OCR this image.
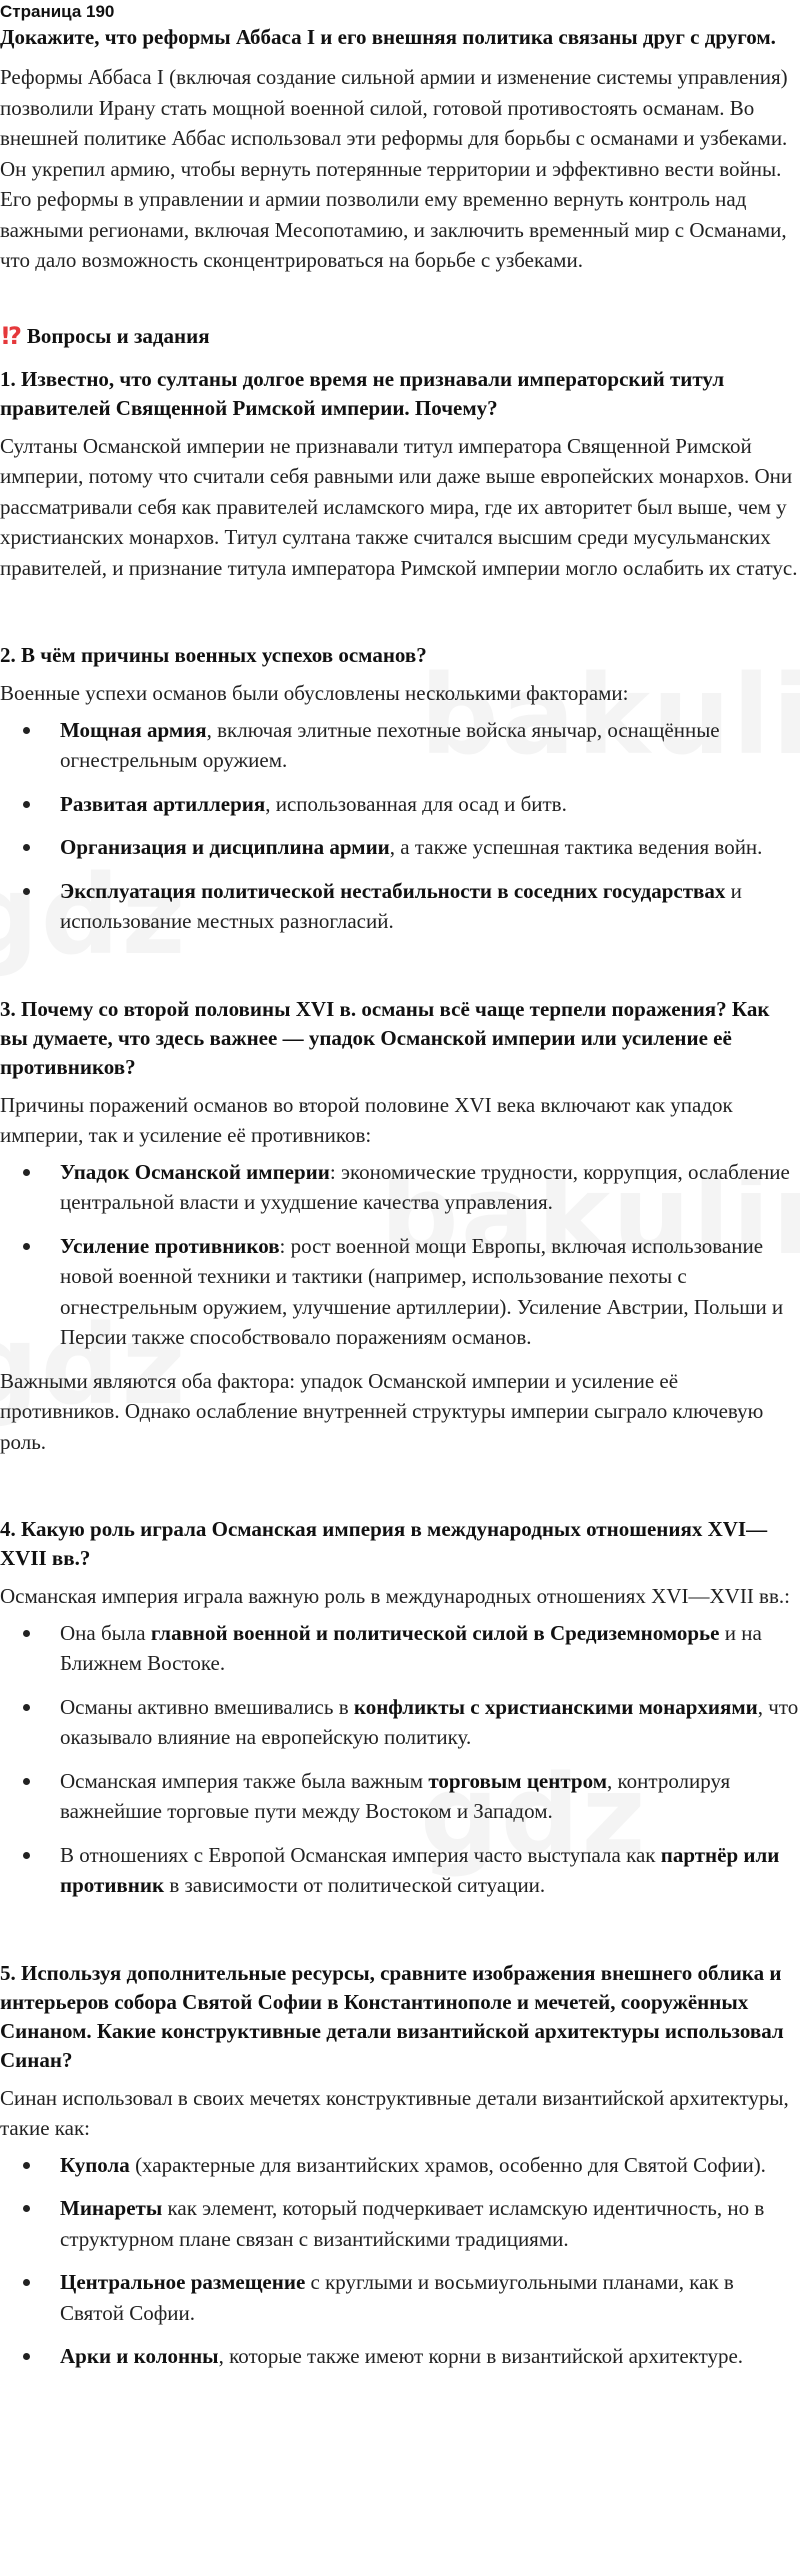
Страница 190
Докажите, что реформы Аббаса I и его внешняя политика связаны друг с другом.

Реформы Аббаса I (включая создание сильной армии и изменение системы управления) позволили Ирану стать мощной военной силой, готовой противостоять османам. Во внешней политике Аббас использовал эти реформы для борьбы с османами и узбеками. Он укрепил армию, чтобы вернуть потерянные территории и эффективно вести войны. Его реформы в управлении и армии позволили ему временно вернуть контроль над важными регионами, включая Месопотамию, и заключить временный мир с Османами, что дало возможность сконцентрироваться на борьбе с узбеками.

!? Вопросы и задания
1. Известно, что султаны долгое время не признавали императорский титул правителей Священной Римской империи. Почему?

Султаны Османской империи не признавали титул императора Священной Римской империи, потому что считали себя равными или даже выше европейских монархов. Они рассматривали себя как правителей исламского мира, где их авторитет был выше, чем у христианских монархов. Титул султана также считался высшим среди мусульманских правителей, и признание титула императора Римской империи могло ослабить их статус.

2. В чём причины военных успехов османов?

Военные успехи османов были обусловлены несколькими факторами:

Мощная армия, включая элитные пехотные войска янычар, оснащённые огнестрельным оружием.
Развитая артиллерия, использованная для осад и битв.
Организация и дисциплина армии, а также успешная тактика ведения войн.
Эксплуатация политической нестабильности в соседних государствах и использование местных разногласий.
3. Почему со второй половины XVI в. османы всё чаще терпели поражения? Как вы думаете, что здесь важнее — упадок Османской империи или усиление её противников?

Причины поражений османов во второй половине XVI века включают как упадок империи, так и усиление её противников:

Упадок Османской империи: экономические трудности, коррупция, ослабление центральной власти и ухудшение качества управления.
Усиление противников: рост военной мощи Европы, включая использование новой военной техники и тактики (например, использование пехоты с огнестрельным оружием, улучшение артиллерии). Усиление Австрии, Польши и Персии также способствовало поражениям османов.

Важными являются оба фактора: упадок Османской империи и усиление её противников. Однако ослабление внутренней структуры империи сыграло ключевую роль.

4. Какую роль играла Османская империя в международных отношениях XVI—XVII вв.?

Османская империя играла важную роль в международных отношениях XVI—XVII вв.:

Она была главной военной и политической силой в Средиземноморье и на Ближнем Востоке.
Османы активно вмешивались в конфликты с христианскими монархиями, что оказывало влияние на европейскую политику.
Османская империя также была важным торговым центром, контролируя важнейшие торговые пути между Востоком и Западом.
В отношениях с Европой Османская империя часто выступала как партнёр или противник в зависимости от политической ситуации.
5. Используя дополнительные ресурсы, сравните изображения внешнего облика и интерьеров собора Святой Софии в Константинополе и мечетей, сооружённых Синаном. Какие конструктивные детали византийской архитектуры использовал Синан?

Синан использовал в своих мечетях конструктивные детали византийской архитектуры, такие как:

Купола (характерные для византийских храмов, особенно для Святой Софии).
Минареты как элемент, который подчеркивает исламскую идентичность, но в структурном плане связан с византийскими традициями.
Центральное размещение с круглыми и восьмиугольными планами, как в Святой Софии.
Арки и колонны, которые также имеют корни в византийской архитектуре.
